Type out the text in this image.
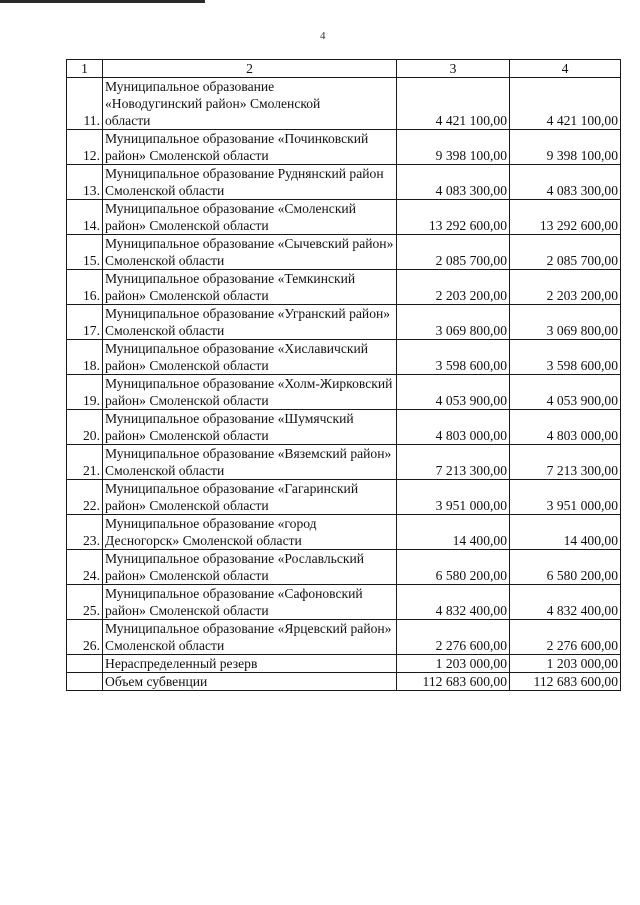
4
1	2	3	4
11.	Муниципальное образование
«Новодугинский район» Смоленской
области	4 421 100,00	4 421 100,00
12.	Муниципальное образование «Починковский район» Смоленской области	9 398 100,00	9 398 100,00
13.	Муниципальное образование Руднянский район Смоленской области	4 083 300,00	4 083 300,00
14.	Муниципальное образование «Смоленский район» Смоленской области	13 292 600,00	13 292 600,00
15.	Муниципальное образование «Сычевский район» Смоленской области	2 085 700,00	2 085 700,00
16.	Муниципальное образование «Темкинский район» Смоленской области	2 203 200,00	2 203 200,00
17.	Муниципальное образование «Угранский район» Смоленской области	3 069 800,00	3 069 800,00
18.	Муниципальное образование «Хиславичский район» Смоленской области	3 598 600,00	3 598 600,00
19.	Муниципальное образование «Холм-Жирковский район» Смоленской области	4 053 900,00	4 053 900,00
20.	Муниципальное образование «Шумячский район» Смоленской области	4 803 000,00	4 803 000,00
21.	Муниципальное образование «Вяземский район» Смоленской области	7 213 300,00	7 213 300,00
22.	Муниципальное образование «Гагаринский район» Смоленской области	3 951 000,00	3 951 000,00
23.	Муниципальное образование «город Десногорск» Смоленской области	14 400,00	14 400,00
24.	Муниципальное образование «Рославльский район» Смоленской области	6 580 200,00	6 580 200,00
25.	Муниципальное образование «Сафоновский район» Смоленской области	4 832 400,00	4 832 400,00
26.	Муниципальное образование «Ярцевский район» Смоленской области	2 276 600,00	2 276 600,00
	Нераспределенный резерв	1 203 000,00	1 203 000,00
	Объем субвенции	112 683 600,00	112 683 600,00
